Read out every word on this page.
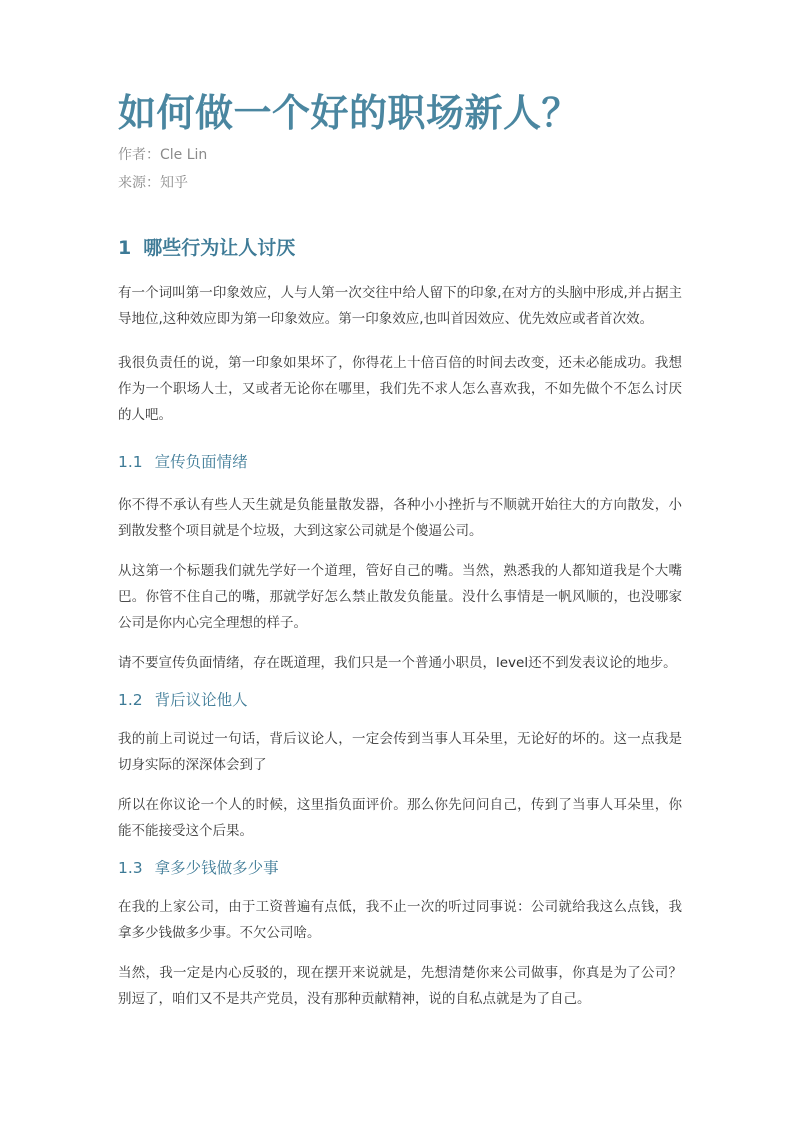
如何做一个好的职场新人？

作者：Cle Lin

来源：知乎

1 哪些行为让人讨厌

有一个词叫第一印象效应，人与人第一次交往中给人留下的印象,在对方的头脑中形成,并占据主导地位,这种效应即为第一印象效应。第一印象效应,也叫首因效应、优先效应或者首次效。

我很负责任的说，第一印象如果坏了，你得花上十倍百倍的时间去改变，还未必能成功。我想作为一个职场人士，又或者无论你在哪里，我们先不求人怎么喜欢我，不如先做个不怎么讨厌的人吧。

1.1 宣传负面情绪

你不得不承认有些人天生就是负能量散发器，各种小小挫折与不顺就开始往大的方向散发，小到散发整个项目就是个垃圾，大到这家公司就是个傻逼公司。

从这第一个标题我们就先学好一个道理，管好自己的嘴。当然，熟悉我的人都知道我是个大嘴巴。你管不住自己的嘴，那就学好怎么禁止散发负能量。没什么事情是一帆风顺的，也没哪家公司是你内心完全理想的样子。

请不要宣传负面情绪，存在既道理，我们只是一个普通小职员，level还不到发表议论的地步。

1.2 背后议论他人

我的前上司说过一句话，背后议论人，一定会传到当事人耳朵里，无论好的坏的。这一点我是切身实际的深深体会到了

所以在你议论一个人的时候，这里指负面评价。那么你先问问自己，传到了当事人耳朵里，你能不能接受这个后果。

1.3 拿多少钱做多少事

在我的上家公司，由于工资普遍有点低，我不止一次的听过同事说：公司就给我这么点钱，我拿多少钱做多少事。不欠公司啥。

当然，我一定是内心反驳的，现在摆开来说就是，先想清楚你来公司做事，你真是为了公司？别逗了，咱们又不是共产党员，没有那种贡献精神，说的自私点就是为了自己。
